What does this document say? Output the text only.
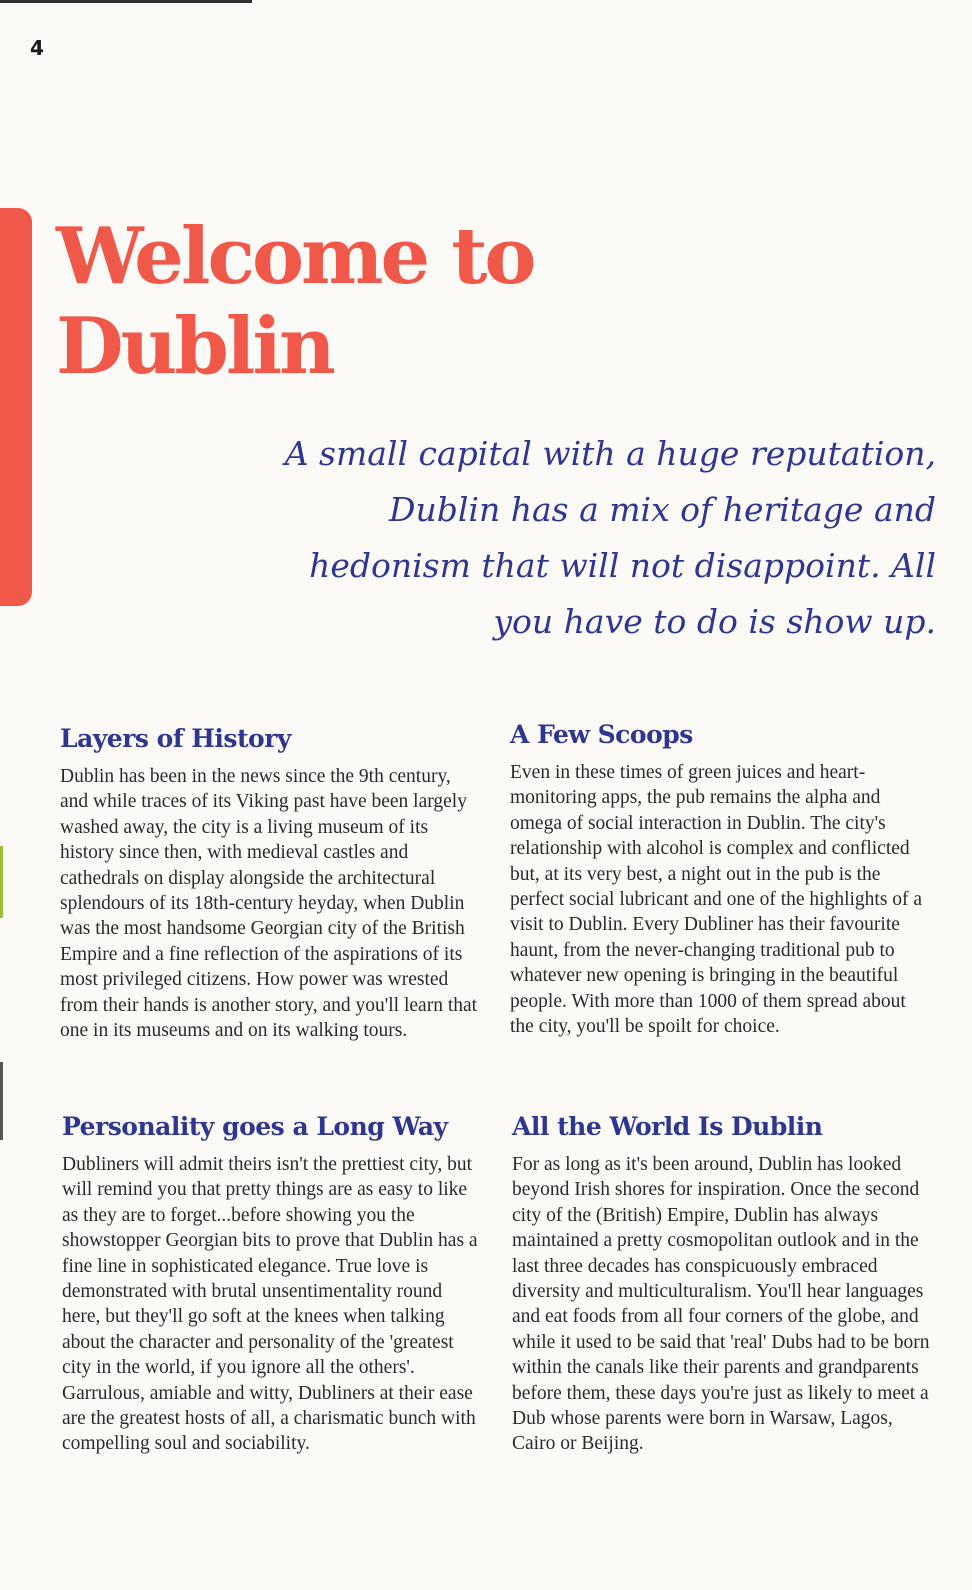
4
Welcome to
Dublin

A small capital with a huge reputation, Dublin has a mix of heritage and hedonism that will not disappoint. All you have to do is show up.

Layers of History

Dublin has been in the news since the 9th century, and while traces of its Viking past have been largely washed away, the city is a living museum of its history since then, with medieval castles and cathedrals on display alongside the architectural splendours of its 18th-century heyday, when Dublin was the most handsome Georgian city of the British Empire and a fine reflection of the aspirations of its most privileged citizens. How power was wrested from their hands is another story, and you'll learn that one in its museums and on its walking tours.

A Few Scoops

Even in these times of green juices and heart-monitoring apps, the pub remains the alpha and omega of social interaction in Dublin. The city's relationship with alcohol is complex and conflicted but, at its very best, a night out in the pub is the perfect social lubricant and one of the highlights of a visit to Dublin. Every Dubliner has their favourite haunt, from the never-changing traditional pub to whatever new opening is bringing in the beautiful people. With more than 1000 of them spread about the city, you'll be spoilt for choice.

Personality goes a Long Way

Dubliners will admit theirs isn't the prettiest city, but will remind you that pretty things are as easy to like as they are to forget...before showing you the showstopper Georgian bits to prove that Dublin has a fine line in sophisticated elegance. True love is demonstrated with brutal unsentimentality round here, but they'll go soft at the knees when talking about the character and personality of the 'greatest city in the world, if you ignore all the others'. Garrulous, amiable and witty, Dubliners at their ease are the greatest hosts of all, a charismatic bunch with compelling soul and sociability.

All the World Is Dublin

For as long as it's been around, Dublin has looked beyond Irish shores for inspiration. Once the second city of the (British) Empire, Dublin has always maintained a pretty cosmopolitan outlook and in the last three decades has conspicuously embraced diversity and multiculturalism. You'll hear languages and eat foods from all four corners of the globe, and while it used to be said that 'real' Dubs had to be born within the canals like their parents and grandparents before them, these days you're just as likely to meet a Dub whose parents were born in Warsaw, Lagos, Cairo or Beijing.
